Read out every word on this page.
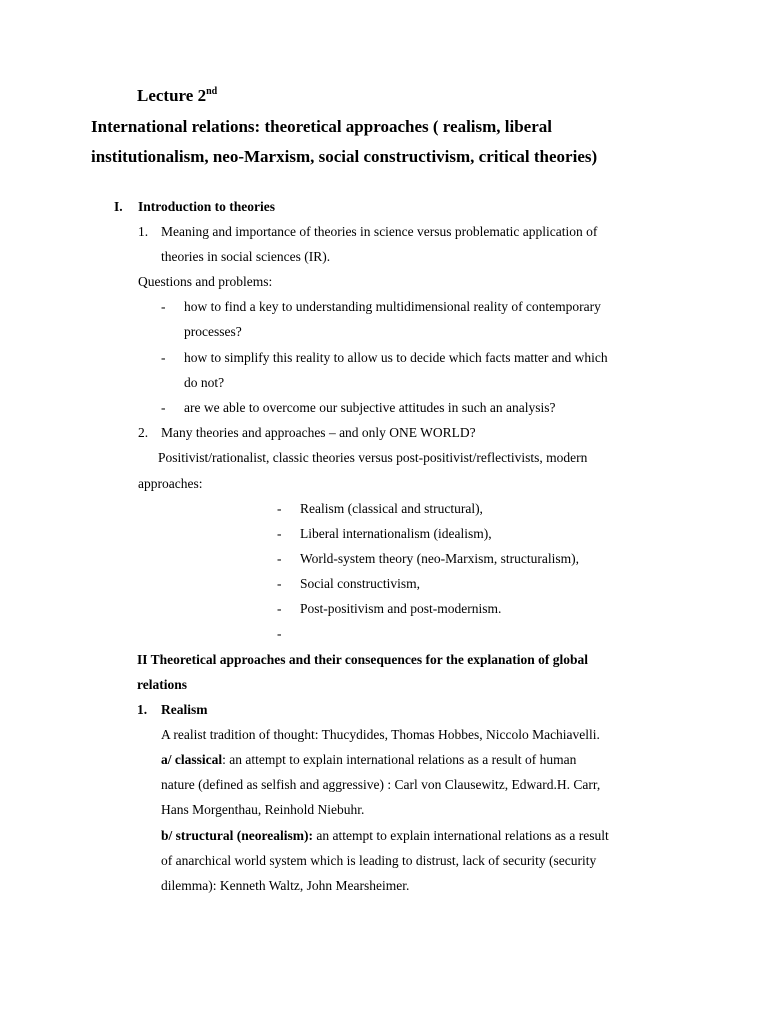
Lecture 2nd
International relations: theoretical approaches ( realism, liberal
institutionalism, neo-Marxism, social constructivism, critical theories)
I. Introduction to theories
1. Meaning and importance of theories in science versus problematic application of
theories in social sciences (IR).
Questions and problems:
- how to find a key to understanding multidimensional reality of contemporary
processes?
- how to simplify this reality to allow us to decide which facts matter and which
do not?
- are we able to overcome our subjective attitudes in such an analysis?
2. Many theories and approaches – and only ONE WORLD?
Positivist/rationalist, classic theories versus post-positivist/reflectivists, modern
approaches:
- Realism (classical and structural),
- Liberal internationalism (idealism),
- World-system theory (neo-Marxism, structuralism),
- Social constructivism,
- Post-positivism and post-modernism.
-
II Theoretical approaches and their consequences for the explanation of global
relations
1. Realism
A realist tradition of thought: Thucydides, Thomas Hobbes, Niccolo Machiavelli.
a/ classical: an attempt to explain international relations as a result of human
nature (defined as selfish and aggressive) : Carl von Clausewitz, Edward.H. Carr,
Hans Morgenthau, Reinhold Niebuhr.
b/ structural (neorealism): an attempt to explain international relations as a result
of anarchical world system which is leading to distrust, lack of security (security
dilemma): Kenneth Waltz, John Mearsheimer.
